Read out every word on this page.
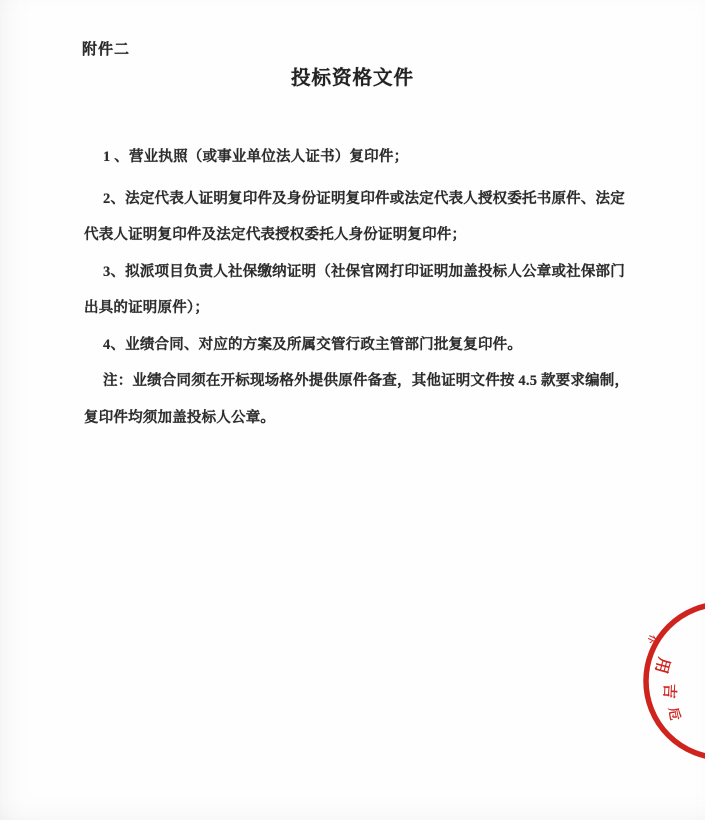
附件二
投标资格文件
1 、营业执照（或事业单位法人证书）复印件；
2、法定代表人证明复印件及身份证明复印件或法定代表人授权委托书原件、法定
代表人证明复印件及法定代表授权委托人身份证明复印件；
3、拟派项目负责人社保缴纳证明（社保官网打印证明加盖投标人公章或社保部门
出具的证明原件）；
4、业绩合同、对应的方案及所属交管行政主管部门批复复印件。
注：业绩合同须在开标现场格外提供原件备查，其他证明文件按 4.5 款要求编制，
复印件均须加盖投标人公章。
仆
用
吉
卮
